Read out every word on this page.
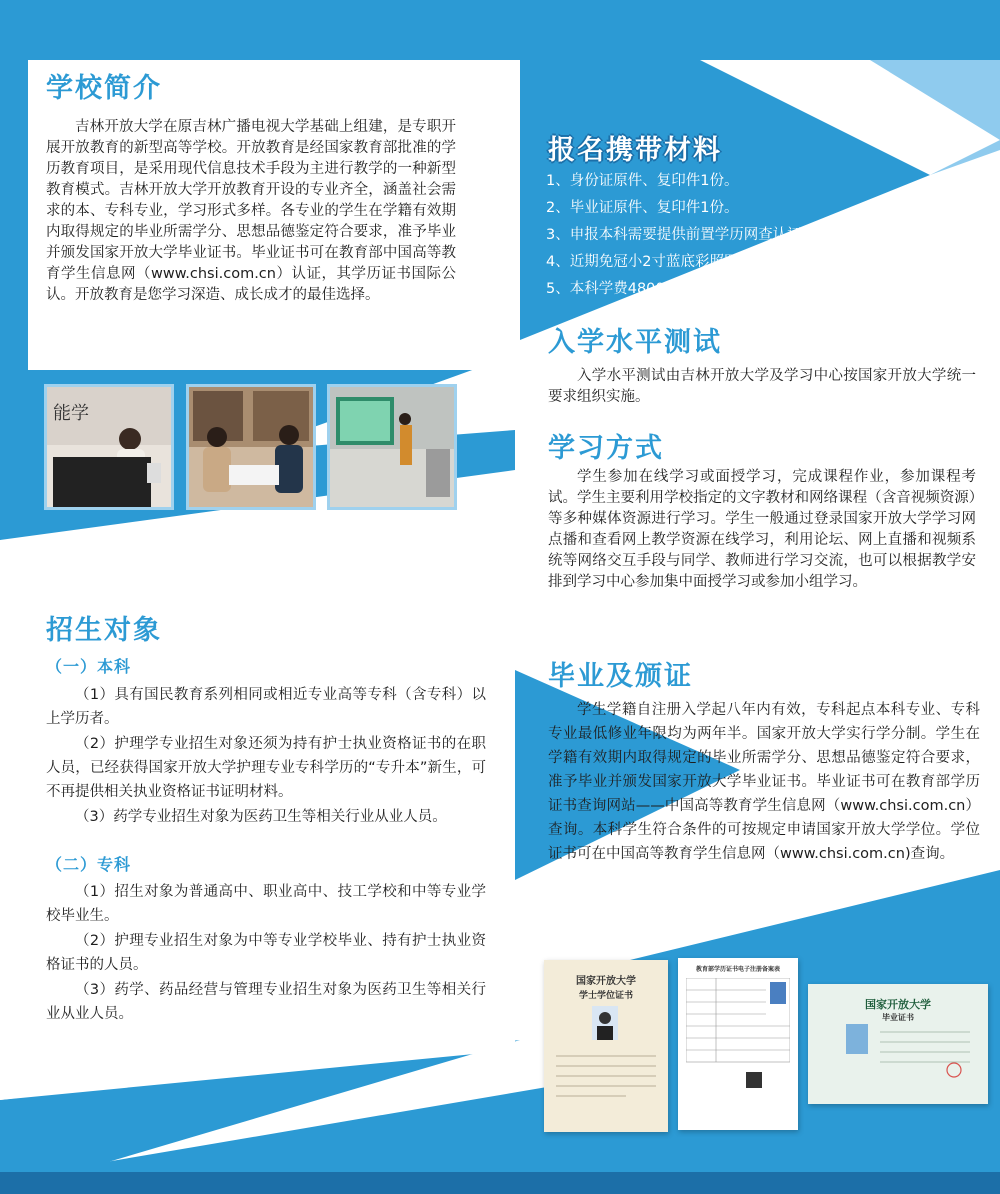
学校简介

吉林开放大学在原吉林广播电视大学基础上组建，是专职开展开放教育的新型高等学校。开放教育是经国家教育部批准的学历教育项目，是采用现代信息技术手段为主进行教学的一种新型教育模式。吉林开放大学开放教育开设的专业齐全，涵盖社会需求的本、专科专业，学习形式多样。各专业的学生在学籍有效期内取得规定的毕业所需学分、思想品德鉴定符合要求，准予毕业并颁发国家开放大学毕业证书。毕业证书可在教育部中国高等教育学生信息网（www.chsi.com.cn）认证，其学历证书国际公认。开放教育是您学习深造、成长成才的最佳选择。

能学
报名携带材料
1、身份证原件、复印件1份。
2、毕业证原件、复印件1份。
3、申报本科需要提供前置学历网查认证书。
4、近期免冠小2寸蓝底彩照四张。
5、本科学费4800元，专科学费4200元。
入学水平测试

入学水平测试由吉林开放大学及学习中心按国家开放大学统一要求组织实施。

学习方式

学生参加在线学习或面授学习，完成课程作业，参加课程考试。学生主要利用学校指定的文字教材和网络课程（含音视频资源）等多种媒体资源进行学习。学生一般通过登录国家开放大学学习网点播和查看网上教学资源在线学习，利用论坛、网上直播和视频系统等网络交互手段与同学、教师进行学习交流，也可以根据教学安排到学习中心参加集中面授学习或参加小组学习。

毕业及颁证

学生学籍自注册入学起八年内有效，专科起点本科专业、专科专业最低修业年限均为两年半。国家开放大学实行学分制。学生在学籍有效期内取得规定的毕业所需学分、思想品德鉴定符合要求，准予毕业并颁发国家开放大学毕业证书。毕业证书可在教育部学历证书查询网站——中国高等教育学生信息网（www.chsi.com.cn）查询。本科学生符合条件的可按规定申请国家开放大学学位。学位证书可在中国高等教育学生信息网（www.chsi.com.cn)查询。

招生对象

（一）本科

（1）具有国民教育系列相同或相近专业高等专科（含专科）以上学历者。

（2）护理学专业招生对象还须为持有护士执业资格证书的在职人员，已经获得国家开放大学护理专业专科学历的“专升本”新生，可不再提供相关执业资格证书证明材料。

（3）药学专业招生对象为医药卫生等相关行业从业人员。

（二）专科

（1）招生对象为普通高中、职业高中、技工学校和中等专业学校毕业生。

（2）护理专业招生对象为中等专业学校毕业、持有护士执业资格证书的人员。

（3）药学、药品经营与管理专业招生对象为医药卫生等相关行业从业人员。

国家开放大学
学士学位证书
教育部学历证书电子注册备案表
国家开放大学
毕业证书
